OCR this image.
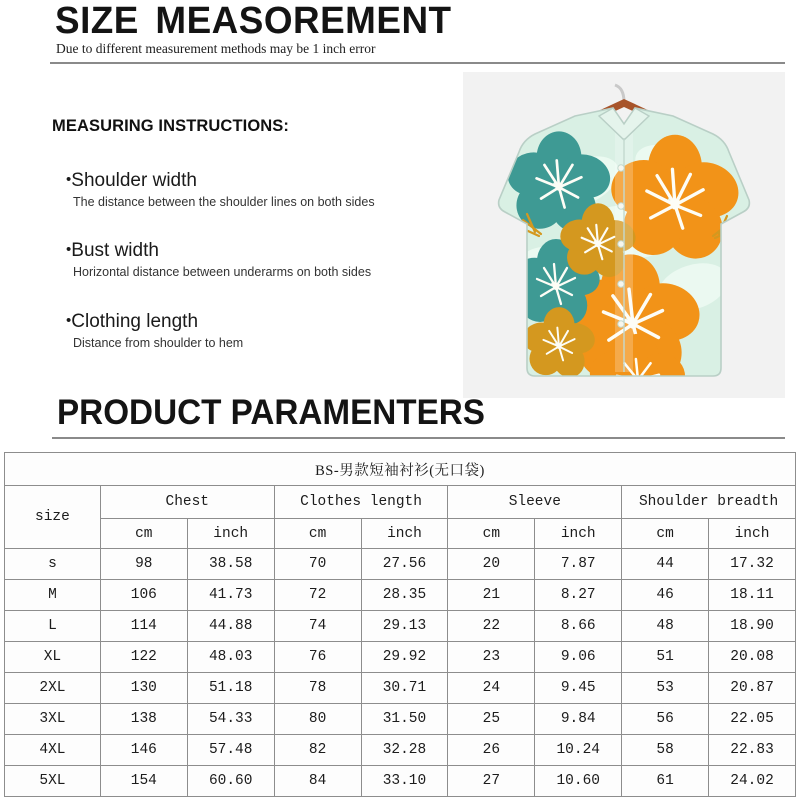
SIZE MEASOREMENT
Due to different measurement methods may be 1 inch error
MEASURING INSTRUCTIONS:
•Shoulder width
The distance between the shoulder lines on both sides
•Bust width
Horizontal distance between underarms on both sides
•Clothing length
Distance from shoulder to hem
PRODUCT PARAMENTERS
BS-男款短袖衬衫(无口袋)								
size	Chest		Clothes length		Sleeve		Shoulder breadth	
	cm	inch	cm	inch	cm	inch	cm	inch
s	98	38.58	70	27.56	20	7.87	44	17.32
M	106	41.73	72	28.35	21	8.27	46	18.11
L	114	44.88	74	29.13	22	8.66	48	18.90
XL	122	48.03	76	29.92	23	9.06	51	20.08
2XL	130	51.18	78	30.71	24	9.45	53	20.87
3XL	138	54.33	80	31.50	25	9.84	56	22.05
4XL	146	57.48	82	32.28	26	10.24	58	22.83
5XL	154	60.60	84	33.10	27	10.60	61	24.02
